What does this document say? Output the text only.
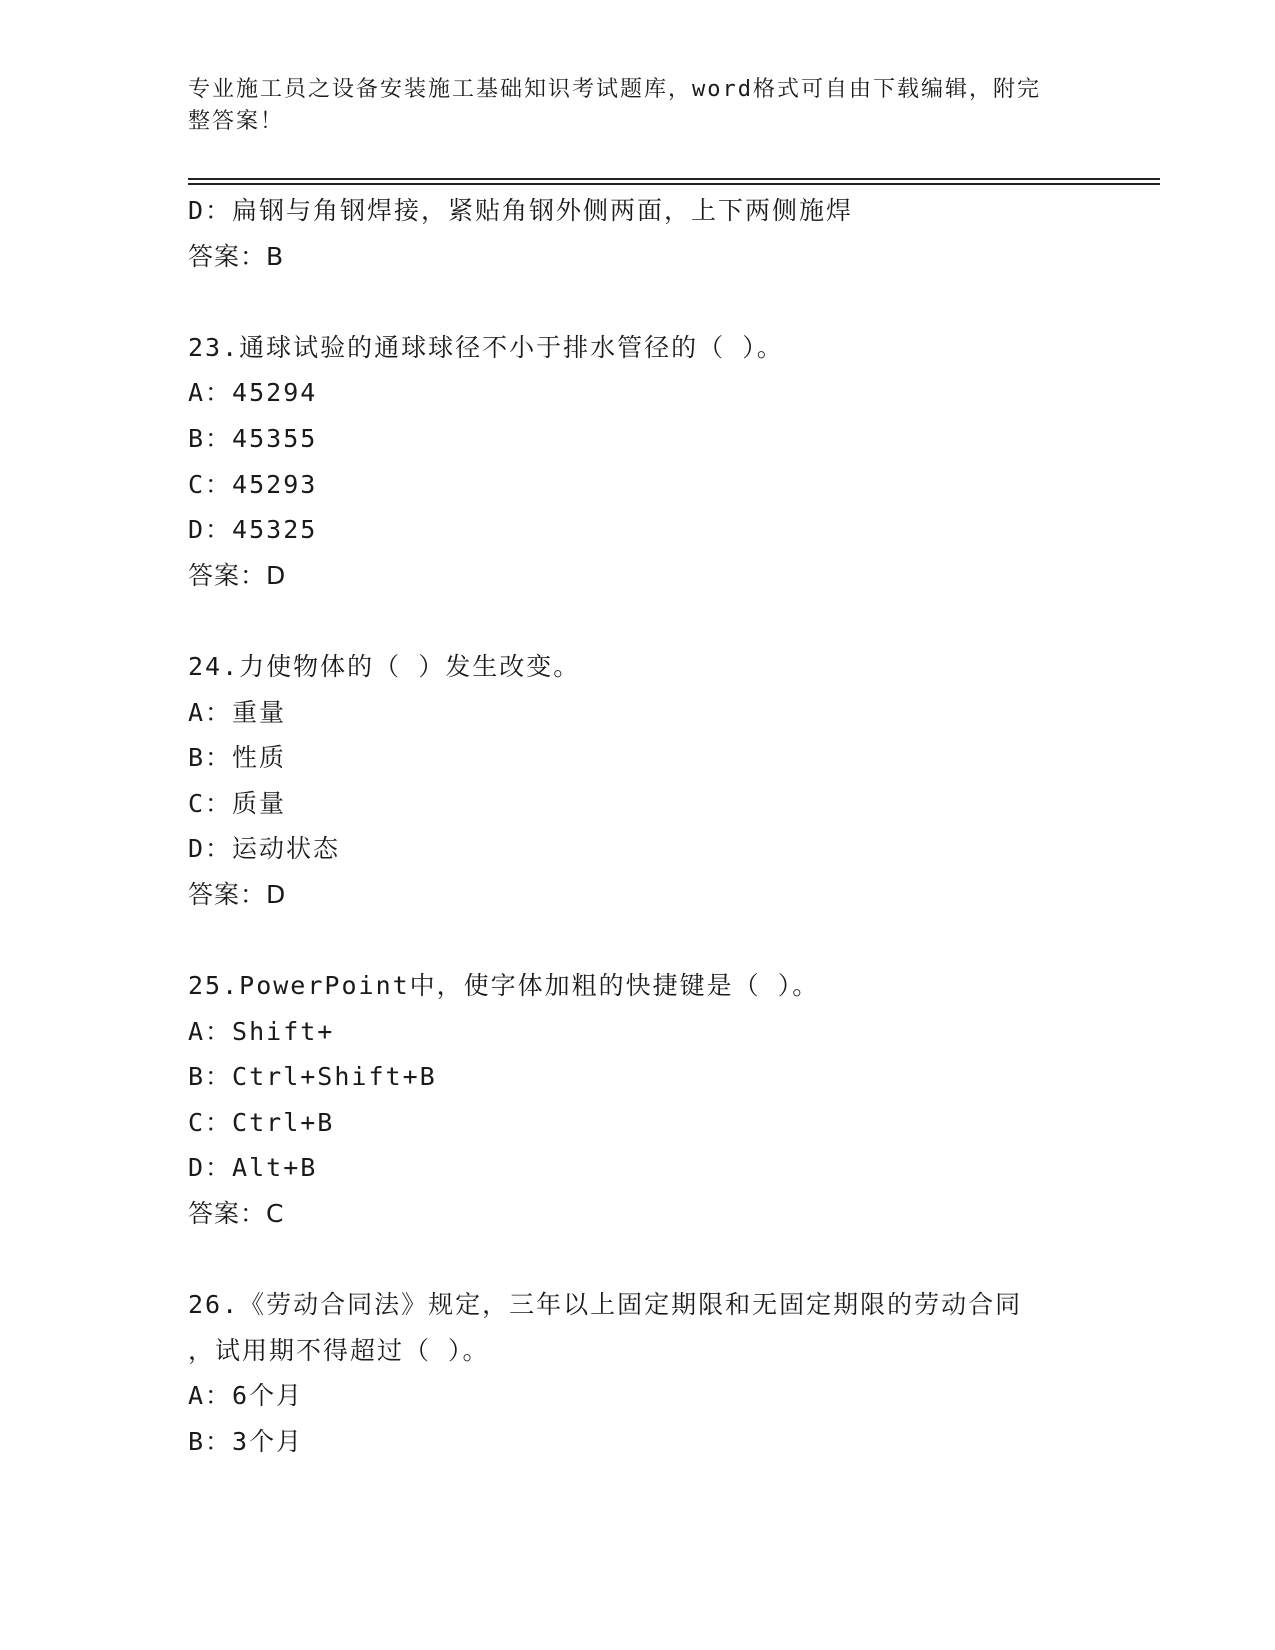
专业施工员之设备安装施工基础知识考试题库，word格式可自由下载编辑，附完
整答案！
D：扁钢与角钢焊接，紧贴角钢外侧两面，上下两侧施焊
答案：B
23.通球试验的通球球径不小于排水管径的（ ）。
A：45294
B：45355
C：45293
D：45325
答案：D
24.力使物体的（ ）发生改变。
A：重量
B：性质
C：质量
D：运动状态
答案：D
25.PowerPoint中，使字体加粗的快捷键是（ ）。
A：Shift+
B：Ctrl+Shift+B
C：Ctrl+B
D：Alt+B
答案：C
26.《劳动合同法》规定，三年以上固定期限和无固定期限的劳动合同
，试用期不得超过（ ）。
A：6个月
B：3个月
